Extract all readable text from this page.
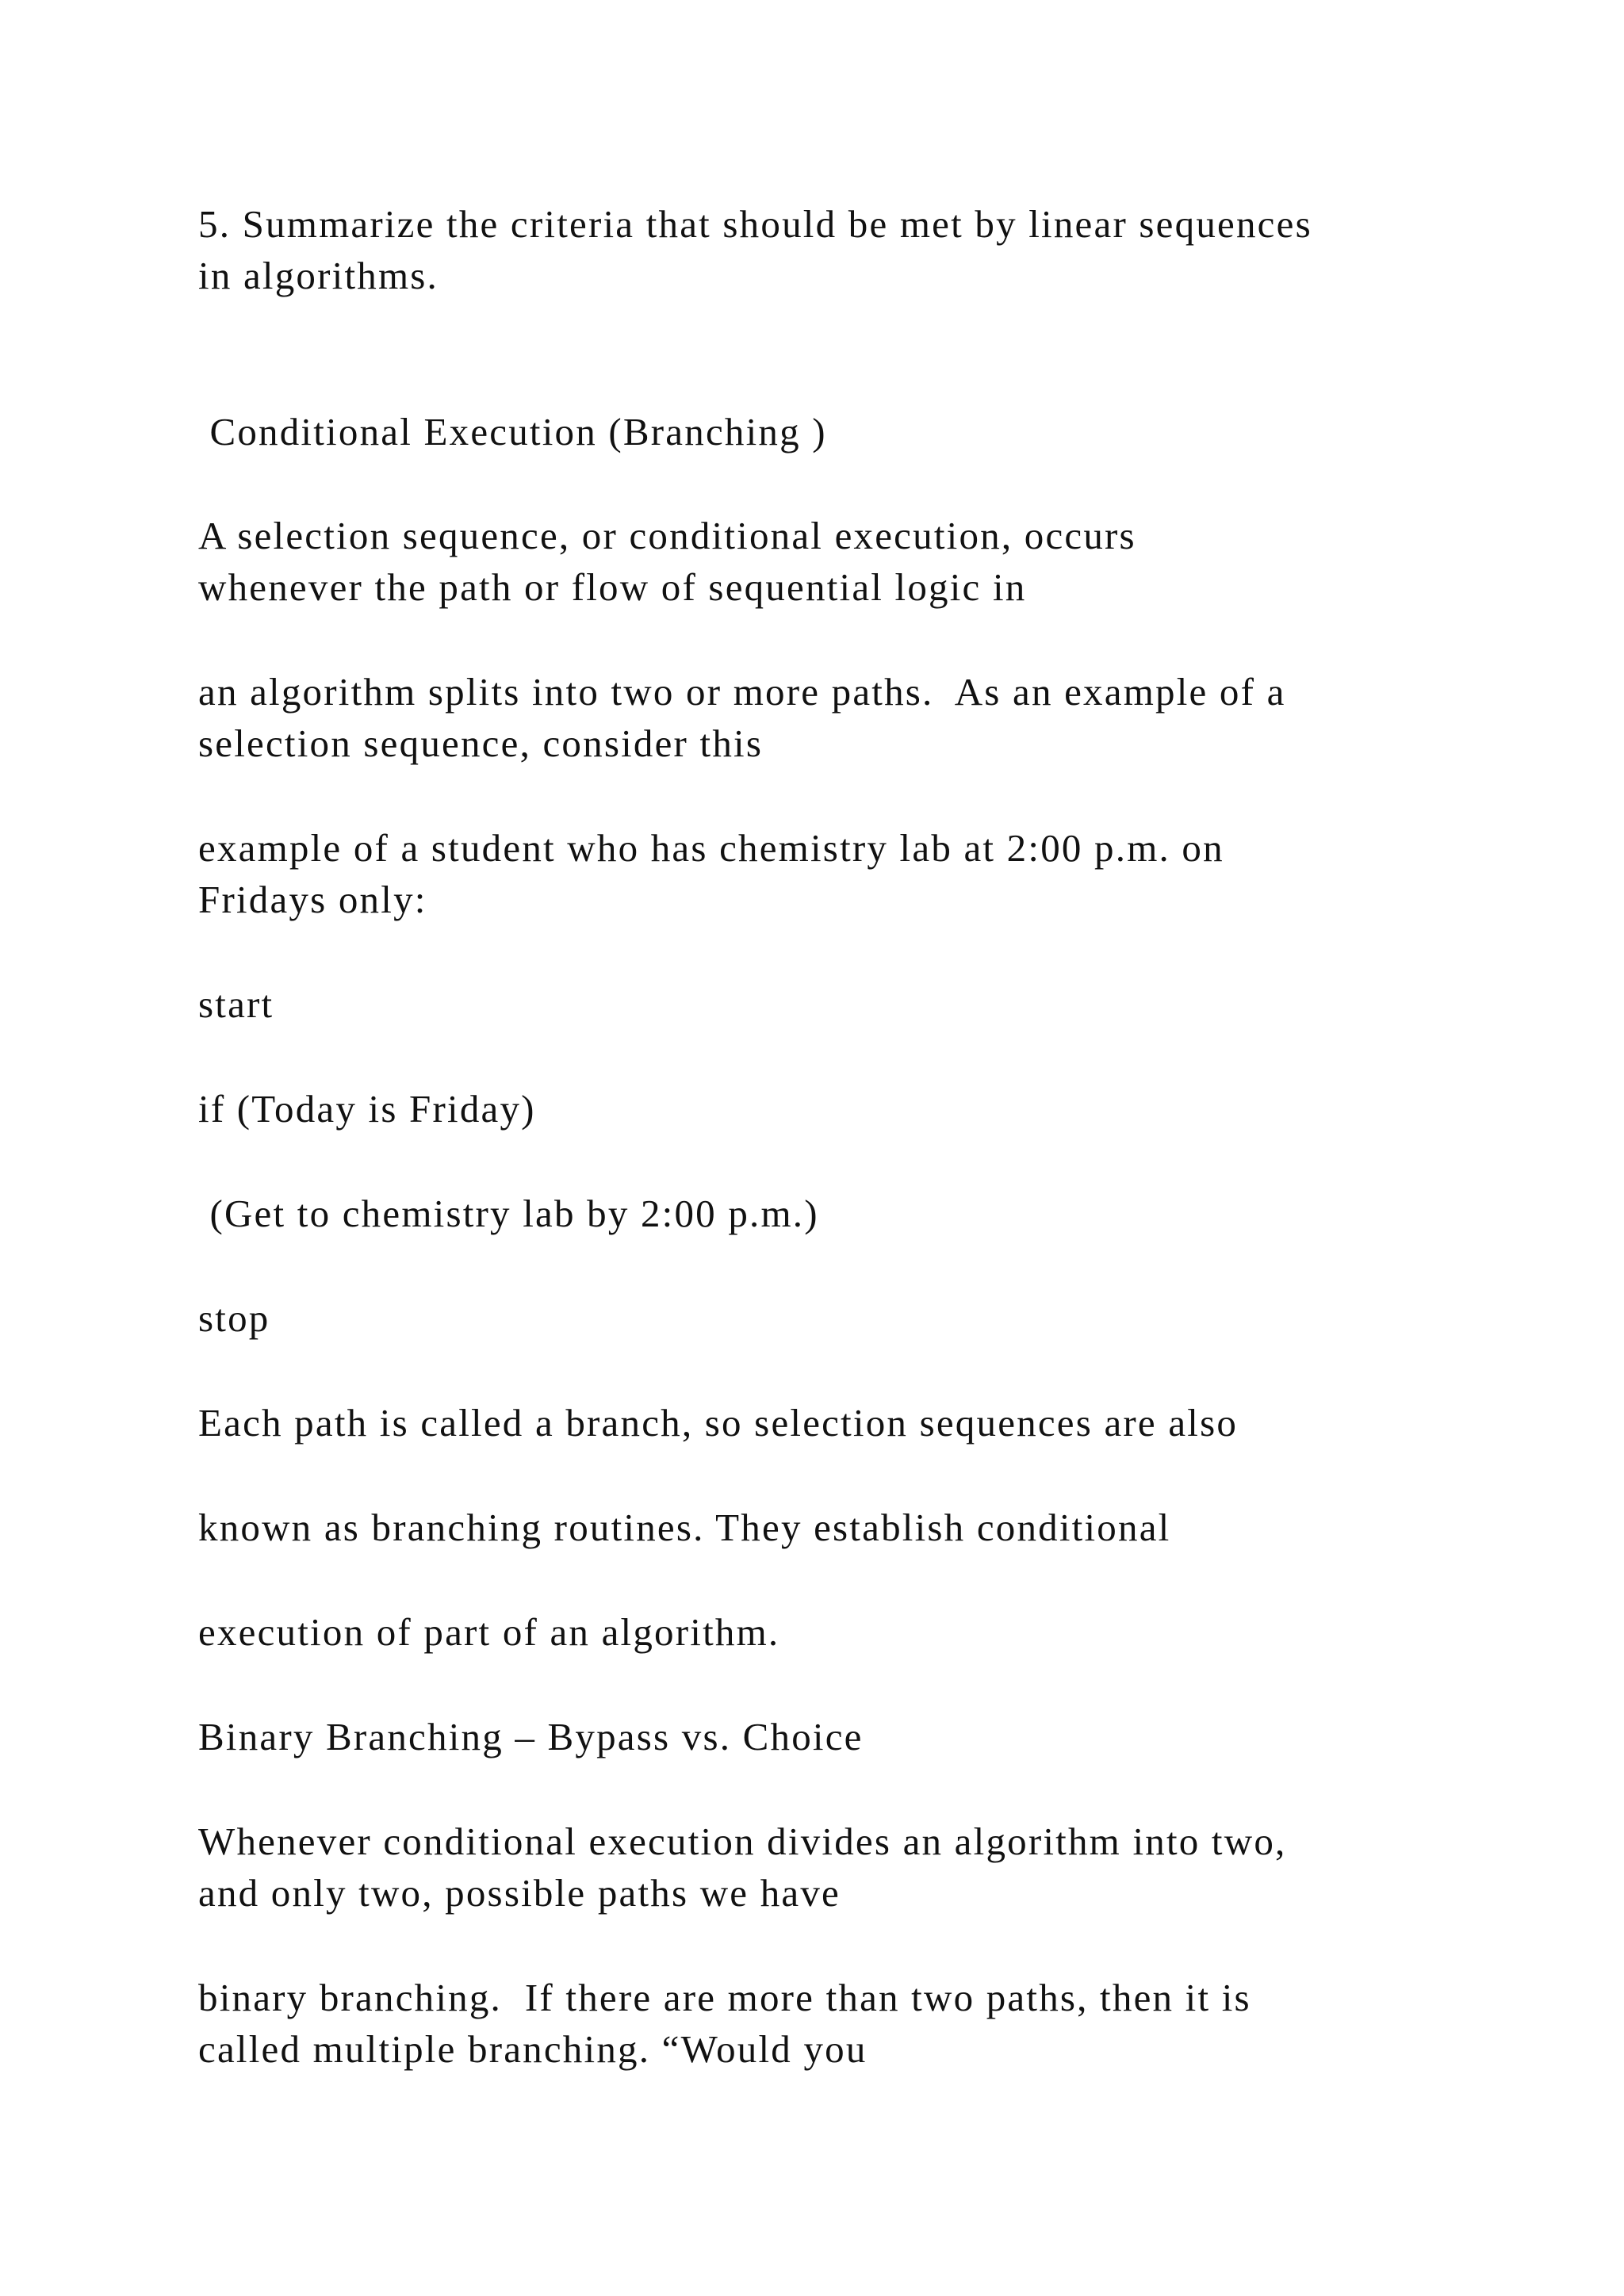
5. Summarize the criteria that should be met by linear sequences

in algorithms.

Conditional Execution (Branching )

A selection sequence, or conditional execution, occurs

whenever the path or flow of sequential logic in

an algorithm splits into two or more paths.  As an example of a

selection sequence, consider this

example of a student who has chemistry lab at 2:00 p.m. on

Fridays only:

start

if (Today is Friday)

(Get to chemistry lab by 2:00 p.m.)

stop

Each path is called a branch, so selection sequences are also

known as branching routines. They establish conditional

execution of part of an algorithm.

Binary Branching – Bypass vs. Choice

Whenever conditional execution divides an algorithm into two,

and only two, possible paths we have

binary branching.  If there are more than two paths, then it is

called multiple branching. “Would you
